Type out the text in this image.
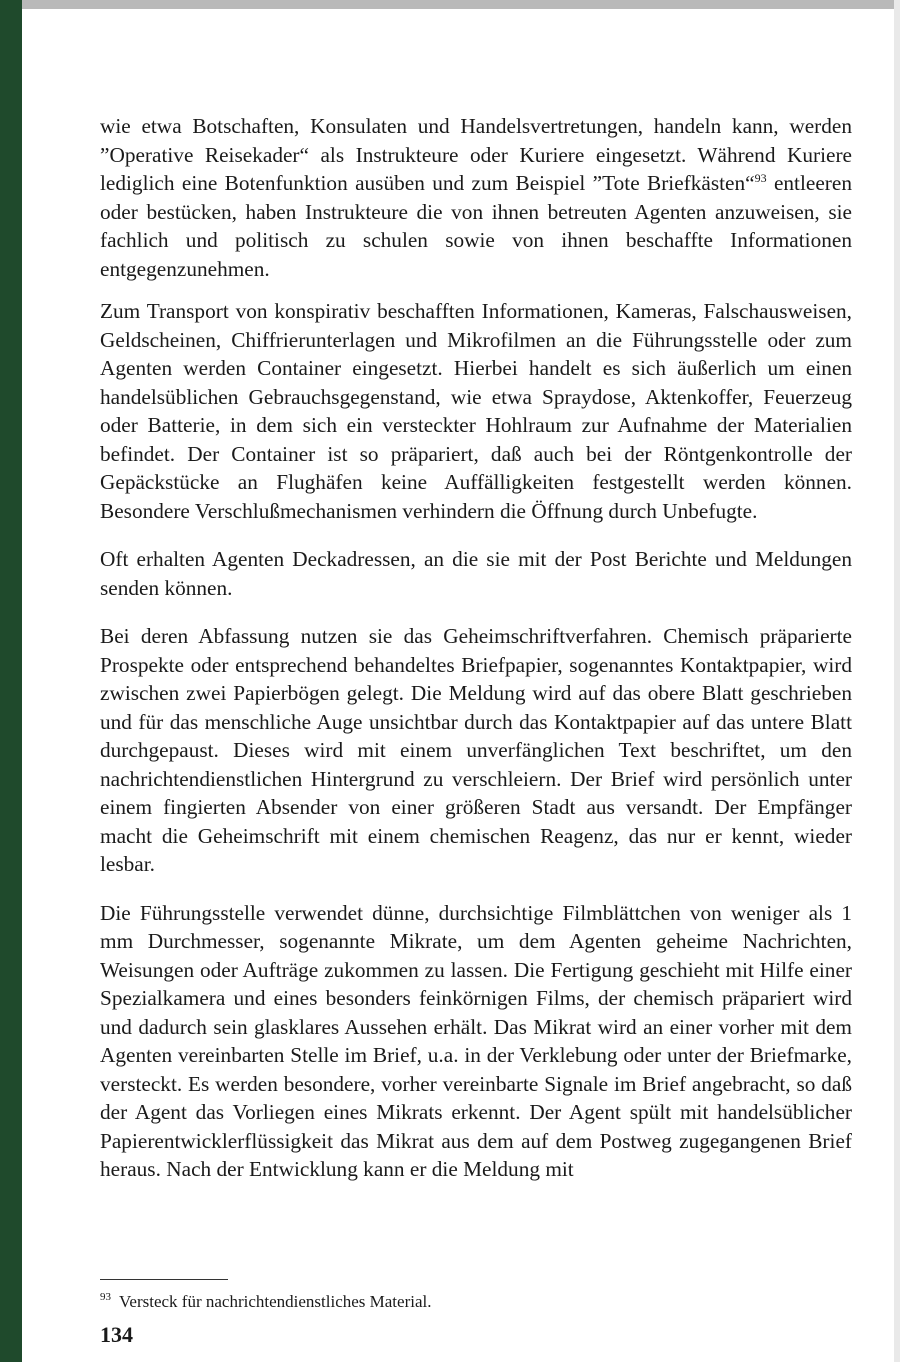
wie etwa Botschaften, Konsulaten und Handelsvertretungen, handeln kann, werden ”Operative Reisekader“ als Instrukteure oder Kuriere eingesetzt. Während Kuriere lediglich eine Botenfunktion ausüben und zum Beispiel ”Tote Briefkästen“$^{93}$ entleeren oder bestücken, haben Instrukteure die von ihnen betreuten Agenten anzuweisen, sie fachlich und politisch zu schulen sowie von ihnen beschaffte Informationen entgegenzunehmen.

Zum Transport von konspirativ beschafften Informationen, Kameras, Falschausweisen, Geldscheinen, Chiffrierunterlagen und Mikrofilmen an die Führungsstelle oder zum Agenten werden Container eingesetzt. Hierbei handelt es sich äußerlich um einen handelsüblichen Gebrauchsgegenstand, wie etwa Spraydose, Aktenkoffer, Feuerzeug oder Batterie, in dem sich ein versteckter Hohlraum zur Aufnahme der Materialien befindet. Der Container ist so präpariert, daß auch bei der Röntgenkontrolle der Gepäckstücke an Flughäfen keine Auffälligkeiten festgestellt werden können. Besondere Verschlußmechanismen verhindern die Öffnung durch Unbefugte.

Oft erhalten Agenten Deckadressen, an die sie mit der Post Berichte und Meldungen senden können.

Bei deren Abfassung nutzen sie das Geheimschriftverfahren. Chemisch präparierte Prospekte oder entsprechend behandeltes Briefpapier, sogenanntes Kontaktpapier, wird zwischen zwei Papierbögen gelegt. Die Meldung wird auf das obere Blatt geschrieben und für das menschliche Auge unsichtbar durch das Kontaktpapier auf das untere Blatt durchgepaust. Dieses wird mit einem unverfänglichen Text beschriftet, um den nachrichtendienstlichen Hintergrund zu verschleiern. Der Brief wird persönlich unter einem fingierten Absender von einer größeren Stadt aus versandt. Der Empfänger macht die Geheimschrift mit einem chemischen Reagenz, das nur er kennt, wieder lesbar.

Die Führungsstelle verwendet dünne, durchsichtige Filmblättchen von weniger als 1 mm Durchmesser, sogenannte Mikrate, um dem Agenten geheime Nachrichten, Weisungen oder Aufträge zukommen zu lassen. Die Fertigung geschieht mit Hilfe einer Spezialkamera und eines besonders feinkörnigen Films, der chemisch präpariert wird und dadurch sein glasklares Aussehen erhält. Das Mikrat wird an einer vorher mit dem Agenten vereinbarten Stelle im Brief, u.a. in der Verklebung oder unter der Briefmarke, versteckt. Es werden besondere, vorher vereinbarte Signale im Brief angebracht, so daß der Agent das Vorliegen eines Mikrats erkennt. Der Agent spült mit handelsüblicher Papierentwicklerflüssigkeit das Mikrat aus dem auf dem Postweg zugegangenen Brief heraus. Nach der Entwicklung kann er die Meldung mit

$^{93}$ Versteck für nachrichtendienstliches Material.
134
